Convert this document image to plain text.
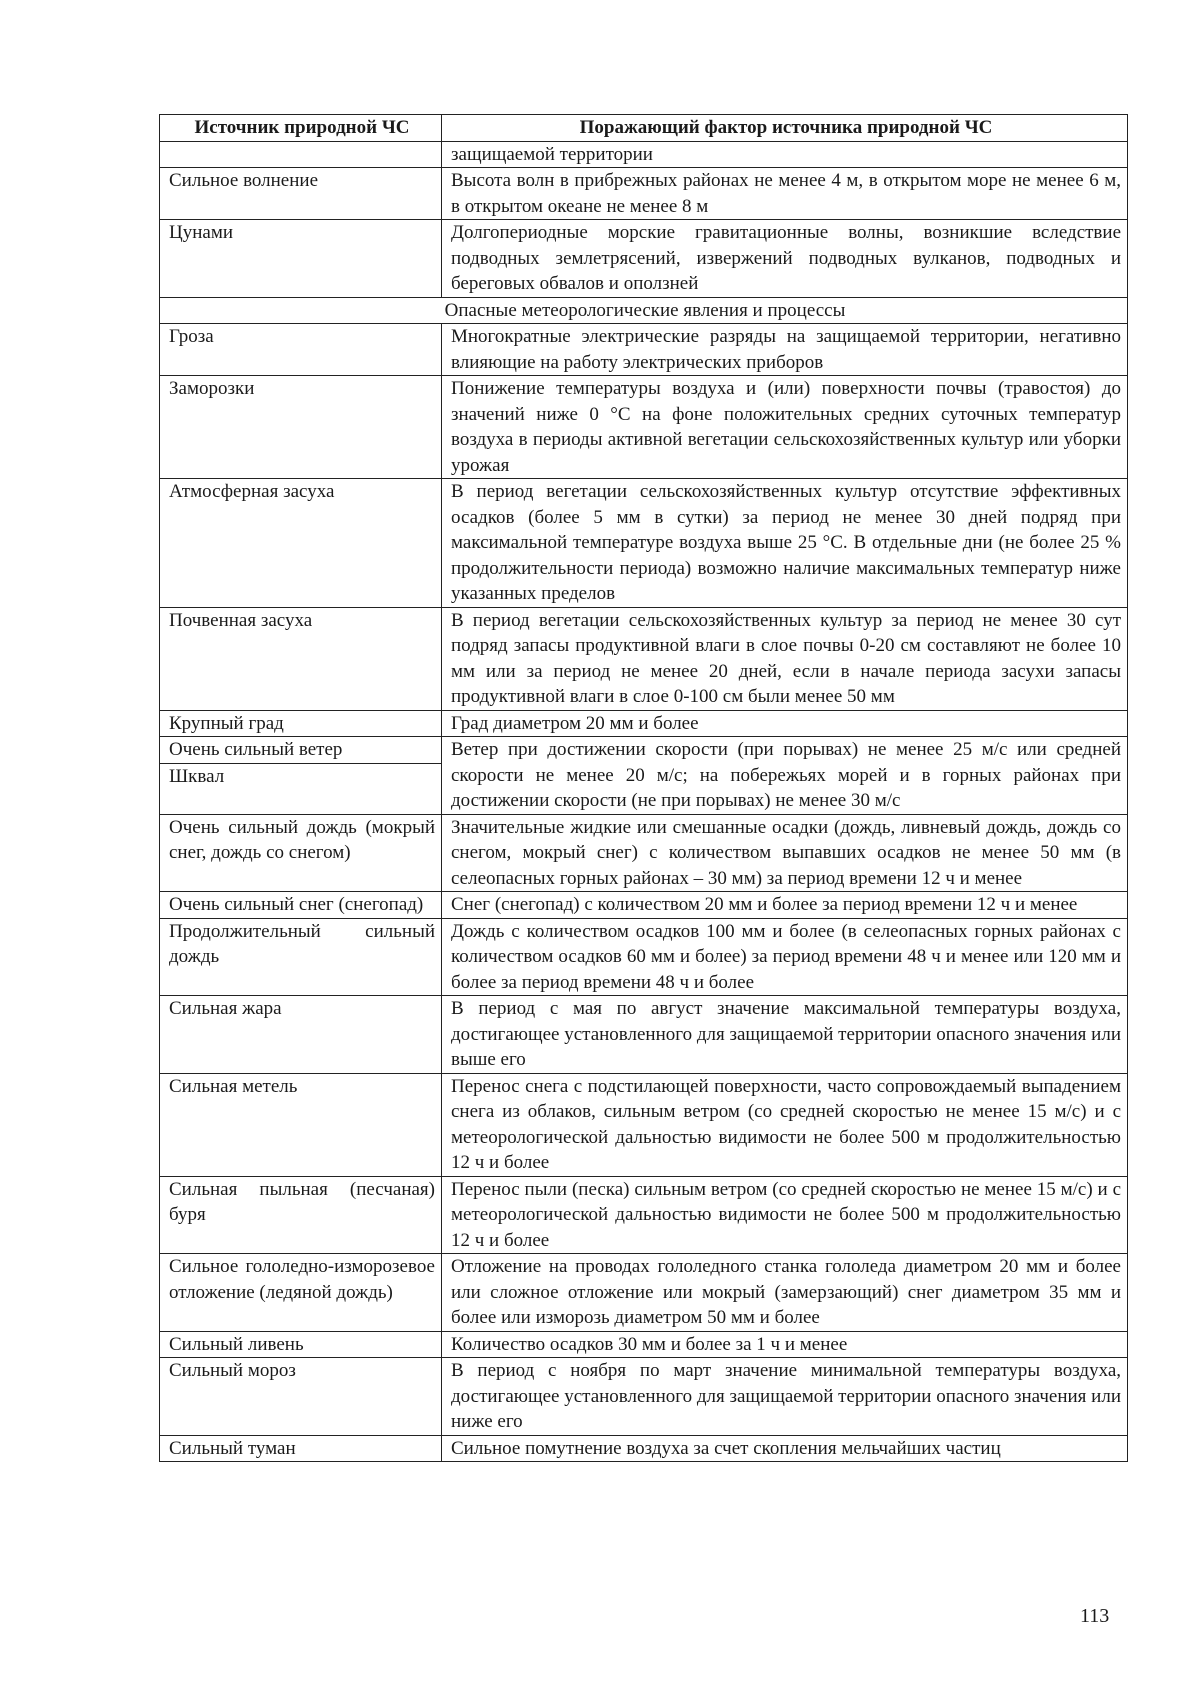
Источник природной ЧС	Поражающий фактор источника природной ЧС
	защищаемой территории
Сильное волнение	Высота волн в прибрежных районах не менее 4 м, в открытом море не менее 6 м, в открытом океане не менее 8 м
Цунами	Долгопериодные морские гравитационные волны, возникшие вследствие подводных землетрясений, извержений подводных вулканов, подводных и береговых обвалов и оползней
Опасные метеорологические явления и процессы	
Гроза	Многократные электрические разряды на защищаемой территории, негативно влияющие на работу электрических приборов
Заморозки	Понижение температуры воздуха и (или) поверхности почвы (травостоя) до значений ниже 0 °С на фоне положительных средних суточных температур воздуха в периоды активной вегетации сельскохозяйственных культур или уборки урожая
Атмосферная засуха	В период вегетации сельскохозяйственных культур отсутствие эффективных осадков (более 5 мм в сутки) за период не менее 30 дней подряд при максимальной температуре воздуха выше 25 °С. В отдельные дни (не более 25 % продолжительности периода) возможно наличие максимальных температур ниже указанных пределов
Почвенная засуха	В период вегетации сельскохозяйственных культур за период не менее 30 сут подряд запасы продуктивной влаги в слое почвы 0-20 см составляют не более 10 мм или за период не менее 20 дней, если в начале периода засухи запасы продуктивной влаги в слое 0-100 см были менее 50 мм
Крупный град	Град диаметром 20 мм и более
Очень сильный ветер	Ветер при достижении скорости (при порывах) не менее 25 м/с или средней скорости не менее 20 м/с; на побережьях морей и в горных районах при достижении скорости (не при порывах) не менее 30 м/с
Шквал	
Очень сильный дождь (мокрый снег, дождь со снегом)	Значительные жидкие или смешанные осадки (дождь, ливневый дождь, дождь со снегом, мокрый снег) с количеством выпавших осадков не менее 50 мм (в селеопасных горных районах – 30 мм) за период времени 12 ч и менее
Очень сильный снег (снегопад)	Снег (снегопад) с количеством 20 мм и более за период времени 12 ч и менее
Продолжительный сильный дождь	Дождь с количеством осадков 100 мм и более (в селеопасных горных районах с количеством осадков 60 мм и более) за период времени 48 ч и менее или 120 мм и более за период времени 48 ч и более
Сильная жара	В период с мая по август значение максимальной температуры воздуха, достигающее установленного для защищаемой территории опасного значения или выше его
Сильная метель	Перенос снега с подстилающей поверхности, часто сопровождаемый выпадением снега из облаков, сильным ветром (со средней скоростью не менее 15 м/с) и с метеорологической дальностью видимости не более 500 м продолжительностью 12 ч и более
Сильная пыльная (песчаная) буря	Перенос пыли (песка) сильным ветром (со средней скоростью не менее 15 м/с) и с метеорологической дальностью видимости не более 500 м продолжительностью 12 ч и более
Сильное гололедно-изморозевое отложение (ледяной дождь)	Отложение на проводах гололедного станка гололеда диаметром 20 мм и более или сложное отложение или мокрый (замерзающий) снег диаметром 35 мм и более или изморозь диаметром 50 мм и более
Сильный ливень	Количество осадков 30 мм и более за 1 ч и менее
Сильный мороз	В период с ноября по март значение минимальной температуры воздуха, достигающее установленного для защищаемой территории опасного значения или ниже его
Сильный туман	Сильное помутнение воздуха за счет скопления мельчайших частиц
113
